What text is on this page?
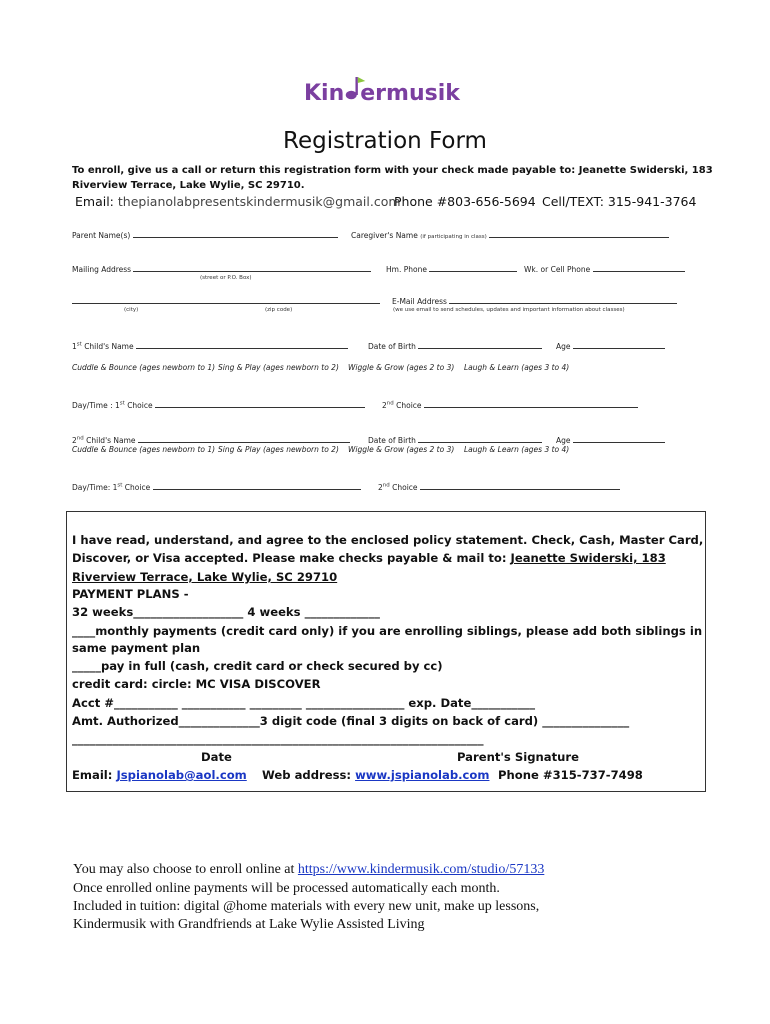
Kin ermusik
Registration Form
To enroll, give us a call or return this registration form with your check made payable to: Jeanette Swiderski, 183
Riverview Terrace, Lake Wylie, SC 29710.
Email: thepianolabpresentskindermusik@gmail.com
Phone #803-656-5694 Cell/TEXT: 315-941-3764
Parent Name(s)	Caregiver's Name (if participating in class)
Mailing Address
(street or P.O. Box)
Hm. Phone	Wk. or Cell Phone
(city)	(zip code)
E-Mail Address
(we use email to send schedules, updates and important information about classes)
1st Child's Name	Date of Birth	Age
Cuddle & Bounce (ages newborn to 1) Sing & Play (ages newborn to 2) Wiggle & Grow (ages 2 to 3) Laugh & Learn (ages 3 to 4)
Day/Time : 1st Choice	2nd Choice
2nd Child's Name	Date of Birth	Age
Cuddle & Bounce (ages newborn to 1) Sing & Play (ages newborn to 2) Wiggle & Grow (ages 2 to 3) Laugh & Learn (ages 3 to 4)
Day/Time: 1st Choice	2nd Choice
I have read, understand, and agree to the enclosed policy statement. Check, Cash, Master Card,
Discover, or Visa accepted. Please make checks payable & mail to: Jeanette Swiderski, 183
Riverview Terrace, Lake Wylie, SC 29710
PAYMENT PLANS -
32 weeks___________________ 4 weeks _____________
____monthly payments (credit card only) if you are enrolling siblings, please add both siblings in
same payment plan
_____pay in full (cash, credit card or check secured by cc)
credit card: circle: MC VISA DISCOVER
Acct #___________ ___________ _________ _________________ exp. Date___________
Amt. Authorized______________3 digit code (final 3 digits on back of card) _______________
_______________________________________________________________________
Date	Parent's Signature
Email: Jspianolab@aol.com Web address: www.jspianolab.com Phone #315-737-7498
You may also choose to enroll online at https://www.kindermusik.com/studio/57133
Once enrolled online payments will be processed automatically each month.
Included in tuition: digital @home materials with every new unit, make up lessons,
Kindermusik with Grandfriends at Lake Wylie Assisted Living
